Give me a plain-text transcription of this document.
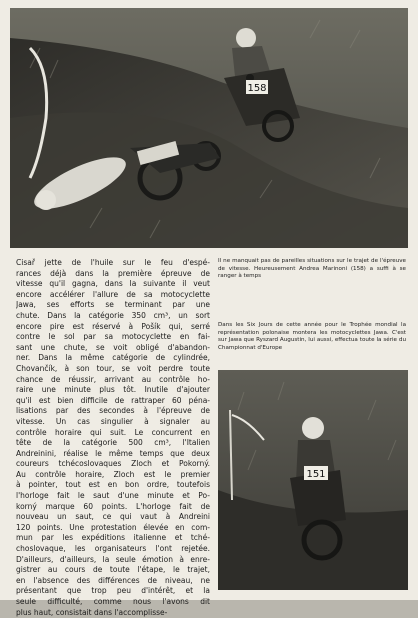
158

Il ne manquait pas de pareilles situations sur le trajet de l'épreuve de vitesse. Heureusement Andrea Marinoni (158) a suffi à se ranger à temps

Dans les Six Jours de cette année pour le Trophée mondial la représentation polonaise montera les motocyclettes Jawa. C'est sur Jawa que Ryszard Augustin, lui aussi, effectua toute la série du Championnat d'Europe

Cisař jette de l'huile sur le feu d'espé-
rances déjà dans la première épreuve de
vitesse qu'il gagna, dans la suivante il veut
encore accélérer l'allure de sa motocyclette
Jawa, ses efforts se terminant par une
chute. Dans la catégorie 350 cm³, un sort
encore pire est réservé à Pošík qui, serré
contre le sol par sa motocyclette en fai-
sant une chute, se voit obligé d'abandon-
ner. Dans la même catégorie de cylindrée,
Chovančík, à son tour, se voit perdre toute
chance de réussir, arrivant au contrôle ho-
raire une minute plus tôt. Inutile d'ajouter
qu'il est bien difficile de rattraper 60 péna-
lisations par des secondes à l'épreuve de
vitesse. Un cas singulier à signaler au
contrôle horaire qui suit. Le concurrent en
tête de la catégorie 500 cm³, l'Italien
Andreinini, réalise le même temps que deux
coureurs tchécoslovaques Zloch et Pokorný.
Au contrôle horaire, Zloch est le premier
à pointer, tout est en bon ordre, toutefois
l'horloge fait le saut d'une minute et Po-
korný marque 60 points. L'horloge fait de
nouveau un saut, ce qui vaut à Andreini
120 points. Une protestation élevée en com-
mun par les expéditions italienne et tché-
choslovaque, les organisateurs l'ont rejetée.
D'ailleurs, d'ailleurs, la seule émotion à enre-
gistrer au cours de toute l'étape, le trajet,
en l'absence des différences de niveau, ne
présentant que trop peu d'intérêt, et la
seule difficulté, comme nous l'avons dit
plus haut, consistait dans l'accomplisse-
151
